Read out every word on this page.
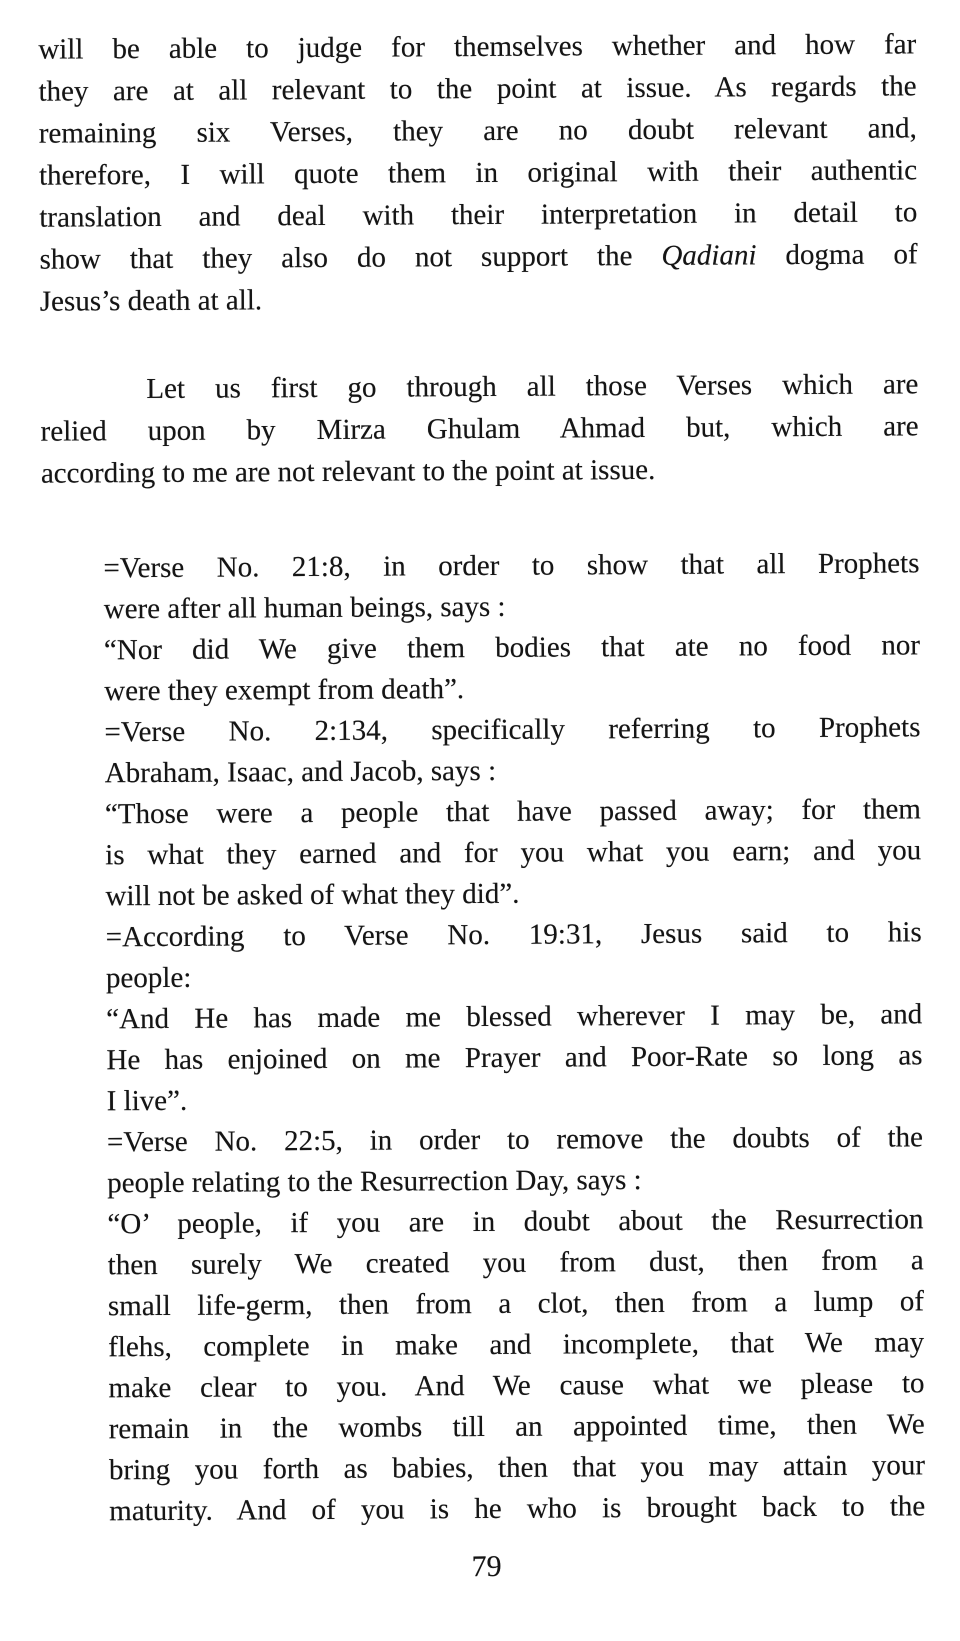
will be able to judge for themselves whether and how far
they are at all relevant to the point at issue. As regards the
remaining six Verses, they are no doubt relevant and,
therefore, I will quote them in original with their authentic
translation and deal with their interpretation in detail to
show that they also do not support the Qadiani dogma of
Jesus’s death at all.
Let us first go through all those Verses which are
relied upon by Mirza Ghulam Ahmad but, which are
according to me are not relevant to the point at issue.
=Verse No. 21:8, in order to show that all Prophets
were after all human beings, says :
“Nor did We give them bodies that ate no food nor
were they exempt from death”.
=Verse No. 2:134, specifically referring to Prophets
Abraham, Isaac, and Jacob, says :
“Those were a people that have passed away; for them
is what they earned and for you what you earn; and you
will not be asked of what they did”.
=According to Verse No. 19:31, Jesus said to his
people:
“And He has made me blessed wherever I may be, and
He has enjoined on me Prayer and Poor-Rate so long as
I live”.
=Verse No. 22:5, in order to remove the doubts of the
people relating to the Resurrection Day, says :
“O’ people, if you are in doubt about the Resurrection
then surely We created you from dust, then from a
small life-germ, then from a clot, then from a lump of
flehs, complete in make and incomplete, that We may
make clear to you. And We cause what we please to
remain in the wombs till an appointed time, then We
bring you forth as babies, then that you may attain your
maturity. And of you is he who is brought back to the
79
